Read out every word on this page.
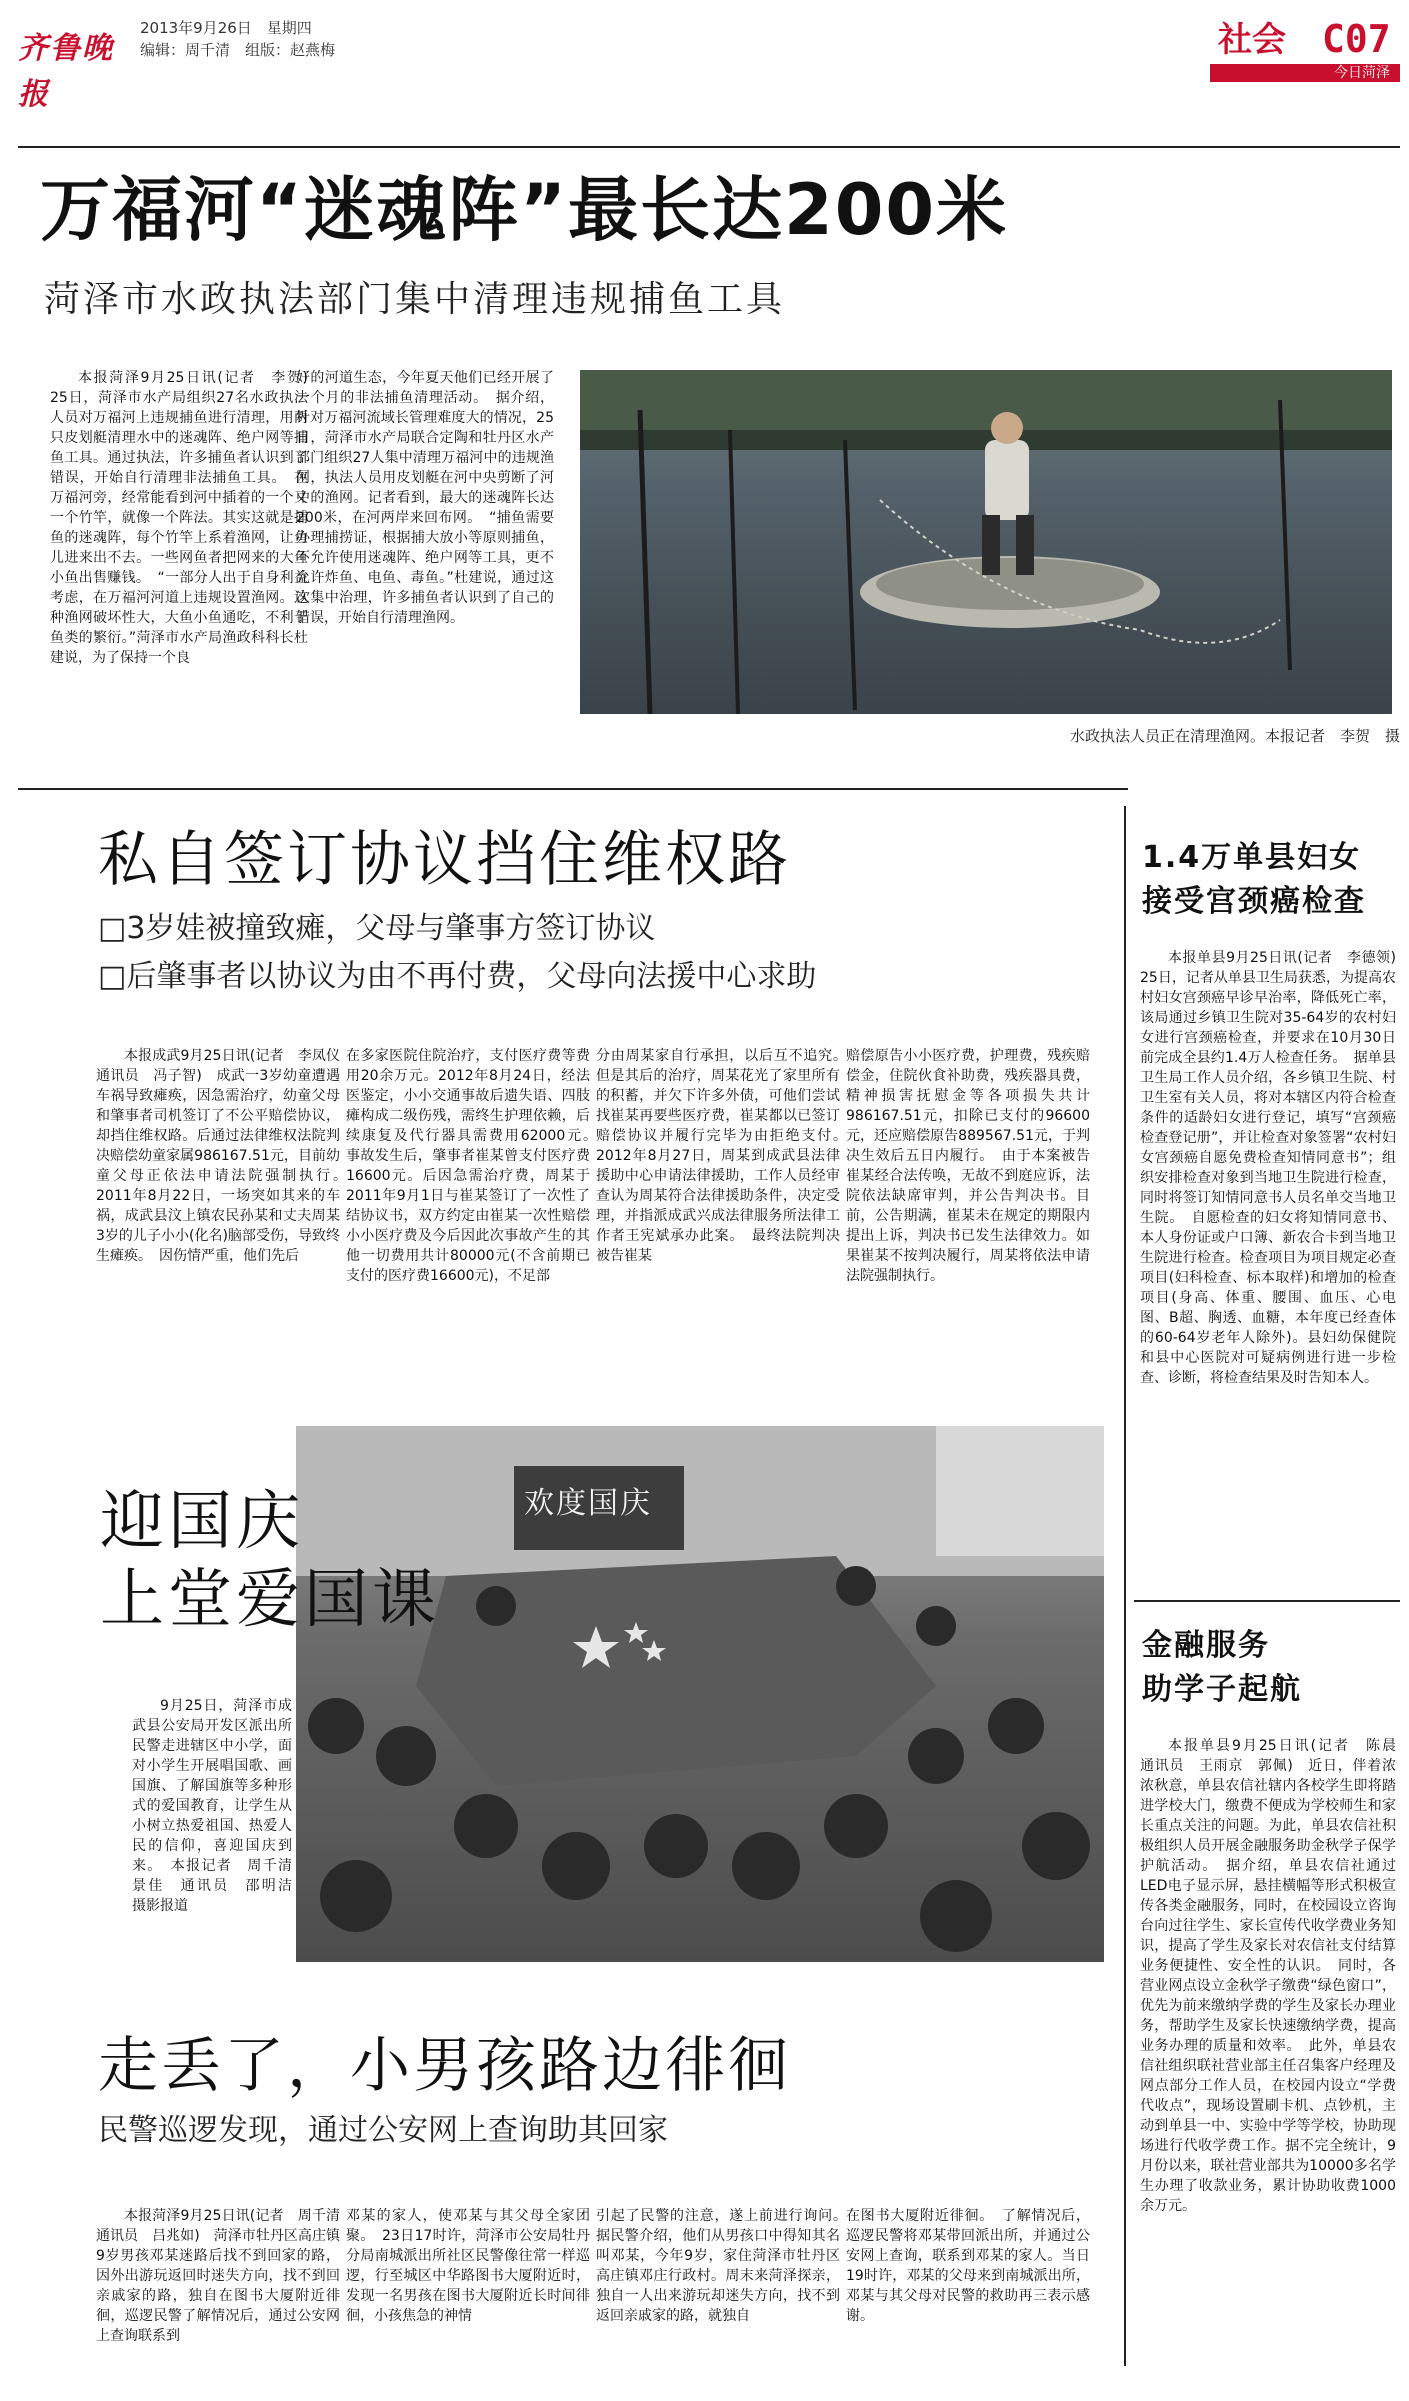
齐鲁晚报
2013年9月26日　星期四
编辑：周千清　组版：赵燕梅	社会 C07
今日菏泽
万福河“迷魂阵”最长达200米
菏泽市水政执法部门集中清理违规捕鱼工具

本报菏泽9月25日讯(记者　李贺)　25日，菏泽市水产局组织27名水政执法人员对万福河上违规捕鱼进行清理，用两只皮划艇清理水中的迷魂阵、绝户网等捕鱼工具。通过执法，许多捕鱼者认识到了错误，开始自行清理非法捕鱼工具。　在万福河旁，经常能看到河中插着的一个又一个竹竿，就像一个阵法。其实这就是捕鱼的迷魂阵，每个竹竿上系着渔网，让鱼儿进来出不去。一些网鱼者把网来的大鱼小鱼出售赚钱。　“一部分人出于自身利益考虑，在万福河河道上违规设置渔网。这种渔网破坏性大，大鱼小鱼通吃，不利于鱼类的繁衍。”菏泽市水产局渔政科科长杜建说，为了保持一个良

好的河道生态，今年夏天他们已经开展了一个月的非法捕鱼清理活动。　据介绍，针对万福河流域长管理难度大的情况，25日，菏泽市水产局联合定陶和牡丹区水产部门组织27人集中清理万福河中的违规渔网，执法人员用皮划艇在河中央剪断了河中的渔网。记者看到，最大的迷魂阵长达200米，在河两岸来回布网。　“捕鱼需要办理捕捞证，根据捕大放小等原则捕鱼，不允许使用迷魂阵、绝户网等工具，更不允许炸鱼、电鱼、毒鱼。”杜建说，通过这次集中治理，许多捕鱼者认识到了自己的错误，开始自行清理渔网。

水政执法人员正在清理渔网。本报记者　李贺　摄
1.4万单县妇女
接受宫颈癌检查

本报单县9月25日讯(记者　李德领)　25日，记者从单县卫生局获悉，为提高农村妇女宫颈癌早诊早治率，降低死亡率，该局通过乡镇卫生院对35-64岁的农村妇女进行宫颈癌检查，并要求在10月30日前完成全县约1.4万人检查任务。　据单县卫生局工作人员介绍，各乡镇卫生院、村卫生室有关人员，将对本辖区内符合检查条件的适龄妇女进行登记，填写“宫颈癌检查登记册”，并让检查对象签署“农村妇女宫颈癌自愿免费检查知情同意书”；组织安排检查对象到当地卫生院进行检查，同时将签订知情同意书人员名单交当地卫生院。　自愿检查的妇女将知情同意书、本人身份证或户口簿、新农合卡到当地卫生院进行检查。检查项目为项目规定必查项目(妇科检查、标本取样)和增加的检查项目(身高、体重、腰围、血压、心电图、B超、胸透、血糖，本年度已经查体的60-64岁老年人除外)。县妇幼保健院和县中心医院对可疑病例进行进一步检查、诊断，将检查结果及时告知本人。

金融服务
助学子起航

本报单县9月25日讯(记者　陈晨　通讯员　王雨京　郭佩)　近日，伴着浓浓秋意，单县农信社辖内各校学生即将踏进学校大门，缴费不便成为学校师生和家长重点关注的问题。为此，单县农信社积极组织人员开展金融服务助金秋学子保学护航活动。　据介绍，单县农信社通过LED电子显示屏，悬挂横幅等形式积极宣传各类金融服务，同时，在校园设立咨询台向过往学生、家长宣传代收学费业务知识，提高了学生及家长对农信社支付结算业务便捷性、安全性的认识。　同时，各营业网点设立金秋学子缴费“绿色窗口”，优先为前来缴纳学费的学生及家长办理业务，帮助学生及家长快速缴纳学费，提高业务办理的质量和效率。　此外，单县农信社组织联社营业部主任召集客户经理及网点部分工作人员，在校园内设立“学费代收点”，现场设置刷卡机、点钞机，主动到单县一中、实验中学等学校，协助现场进行代收学费工作。据不完全统计，9月份以来，联社营业部共为10000多名学生办理了收款业务，累计协助收费1000余万元。

私自签订协议挡住维权路
□3岁娃被撞致瘫，父母与肇事方签订协议
□后肇事者以协议为由不再付费，父母向法援中心求助

本报成武9月25日讯(记者　李凤仪　通讯员　冯子智)　成武一3岁幼童遭遇车祸导致瘫痪，因急需治疗，幼童父母和肇事者司机签订了不公平赔偿协议，却挡住维权路。后通过法律维权法院判决赔偿幼童家属986167.51元，目前幼童父母正依法申请法院强制执行。　2011年8月22日，一场突如其来的车祸，成武县汶上镇农民孙某和丈夫周某3岁的儿子小小(化名)脑部受伤，导致终生瘫痪。　因伤情严重，他们先后

在多家医院住院治疗，支付医疗费等费用20余万元。2012年8月24日，经法医鉴定，小小交通事故后遗失语、四肢瘫构成二级伤残，需终生护理依赖，后续康复及代行器具需费用62000元。　事故发生后，肇事者崔某曾支付医疗费16600元。后因急需治疗费，周某于2011年9月1日与崔某签订了一次性了结协议书，双方约定由崔某一次性赔偿小小医疗费及今后因此次事故产生的其他一切费用共计80000元(不含前期已支付的医疗费16600元)，不足部

分由周某家自行承担，以后互不追究。　但是其后的治疗，周某花光了家里所有的积蓄，并欠下许多外债，可他们尝试找崔某再要些医疗费，崔某都以已签订赔偿协议并履行完毕为由拒绝支付。　2012年8月27日，周某到成武县法律援助中心申请法律援助，工作人员经审查认为周某符合法律援助条件，决定受理，并指派成武兴成法律服务所法律工作者王宪斌承办此案。　最终法院判决被告崔某

赔偿原告小小医疗费，护理费，残疾赔偿金，住院伙食补助费，残疾器具费，精神损害抚慰金等各项损失共计986167.51元，扣除已支付的96600元，还应赔偿原告889567.51元，于判决生效后五日内履行。　由于本案被告崔某经合法传唤，无故不到庭应诉，法院依法缺席审判，并公告判决书。目前，公告期满，崔某未在规定的期限内提出上诉，判决书已发生法律效力。如果崔某不按判决履行，周某将依法申请法院强制执行。

欢度国庆
迎国庆
上堂爱国课

9月25日，菏泽市成武县公安局开发区派出所民警走进辖区中小学，面对小学生开展唱国歌、画国旗、了解国旗等多种形式的爱国教育，让学生从小树立热爱祖国、热爱人民的信仰，喜迎国庆到来。　本报记者　周千清　景佳　通讯员　邵明洁　摄影报道

走丢了，小男孩路边徘徊
民警巡逻发现，通过公安网上查询助其回家

本报菏泽9月25日讯(记者　周千清　通讯员　吕兆如)　菏泽市牡丹区高庄镇9岁男孩邓某迷路后找不到回家的路，因外出游玩返回时迷失方向，找不到回亲戚家的路，独自在图书大厦附近徘徊，巡逻民警了解情况后，通过公安网上查询联系到

邓某的家人，使邓某与其父母全家团聚。　23日17时许，菏泽市公安局牡丹分局南城派出所社区民警像往常一样巡逻，行至城区中华路图书大厦附近时，发现一名男孩在图书大厦附近长时间徘徊，小孩焦急的神情

引起了民警的注意，遂上前进行询问。　据民警介绍，他们从男孩口中得知其名叫邓某，今年9岁，家住菏泽市牡丹区高庄镇邓庄行政村。周末来菏泽探亲，独自一人出来游玩却迷失方向，找不到返回亲戚家的路，就独自

在图书大厦附近徘徊。　了解情况后，巡逻民警将邓某带回派出所，并通过公安网上查询，联系到邓某的家人。当日19时许，邓某的父母来到南城派出所，邓某与其父母对民警的救助再三表示感谢。
